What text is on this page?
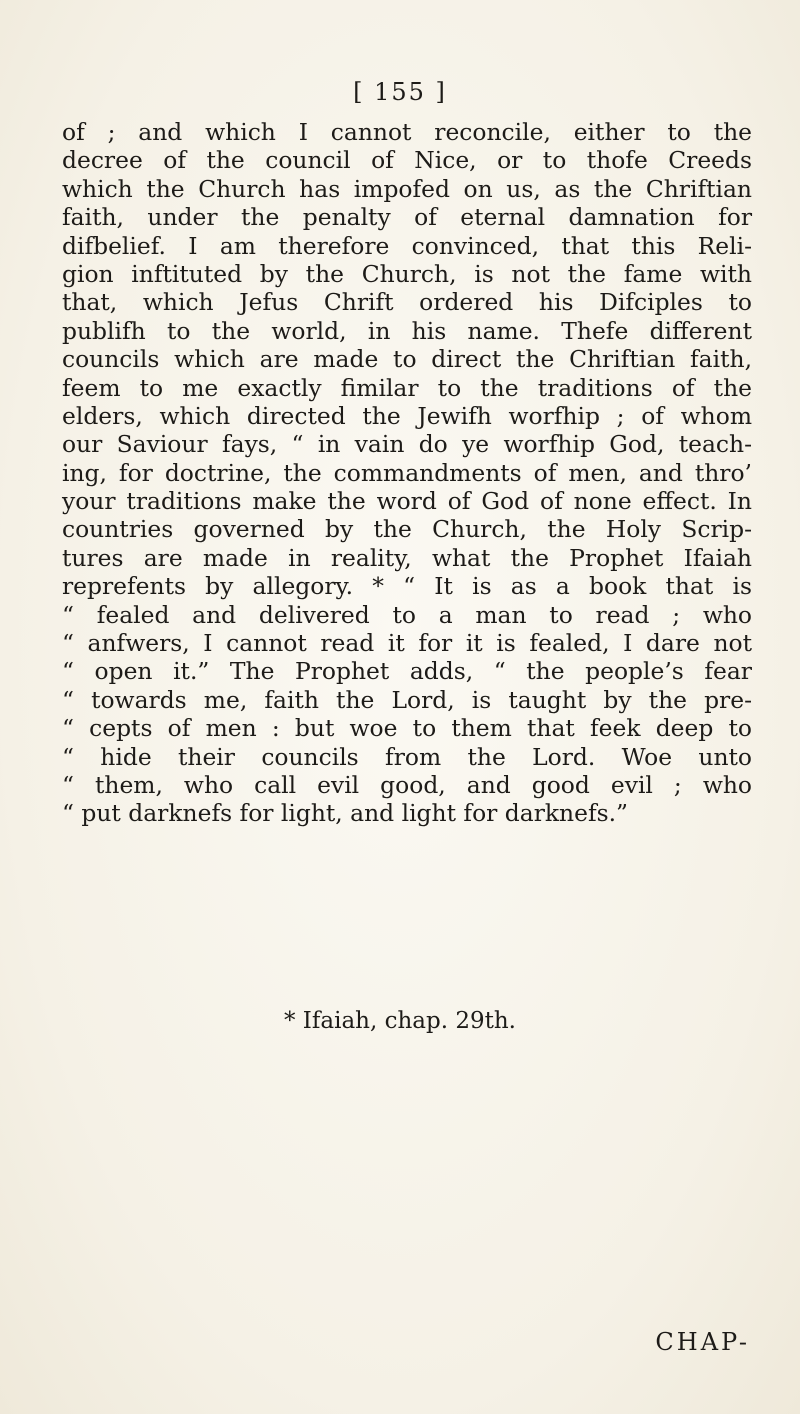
[ 155 ]
of ; and which I cannot reconcile, either to the
decree of the council of Nice, or to thofe Creeds
which the Church has impofed on us, as the Chriftian
faith, under the penalty of eternal damnation for
difbelief. I am therefore convinced, that this Reli-
gion inftituted by the Church, is not the fame with
that, which Jefus Chrift ordered his Difciples to
publifh to the world, in his name. Thefe different
councils which are made to direct the Chriftian faith,
feem to me exactly fimilar to the traditions of the
elders, which directed the Jewifh worfhip ; of whom
our Saviour fays, “ in vain do ye worfhip God, teach-
ing, for doctrine, the commandments of men, and thro’
your traditions make the word of God of none effect. In
countries governed by the Church, the Holy Scrip-
tures are made in reality, what the Prophet Ifaiah
reprefents by allegory. * “ It is as a book that is
“ fealed and delivered to a man to read ; who
“ anfwers, I cannot read it for it is fealed, I dare not
“ open it.” The Prophet adds, “ the people’s fear
“ towards me, faith the Lord, is taught by the pre-
“ cepts of men : but woe to them that feek deep to
“ hide their councils from the Lord. Woe unto
“ them, who call evil good, and good evil ; who
“ put darknefs for light, and light for darknefs.”
* Ifaiah, chap. 29th.
CHAP-
